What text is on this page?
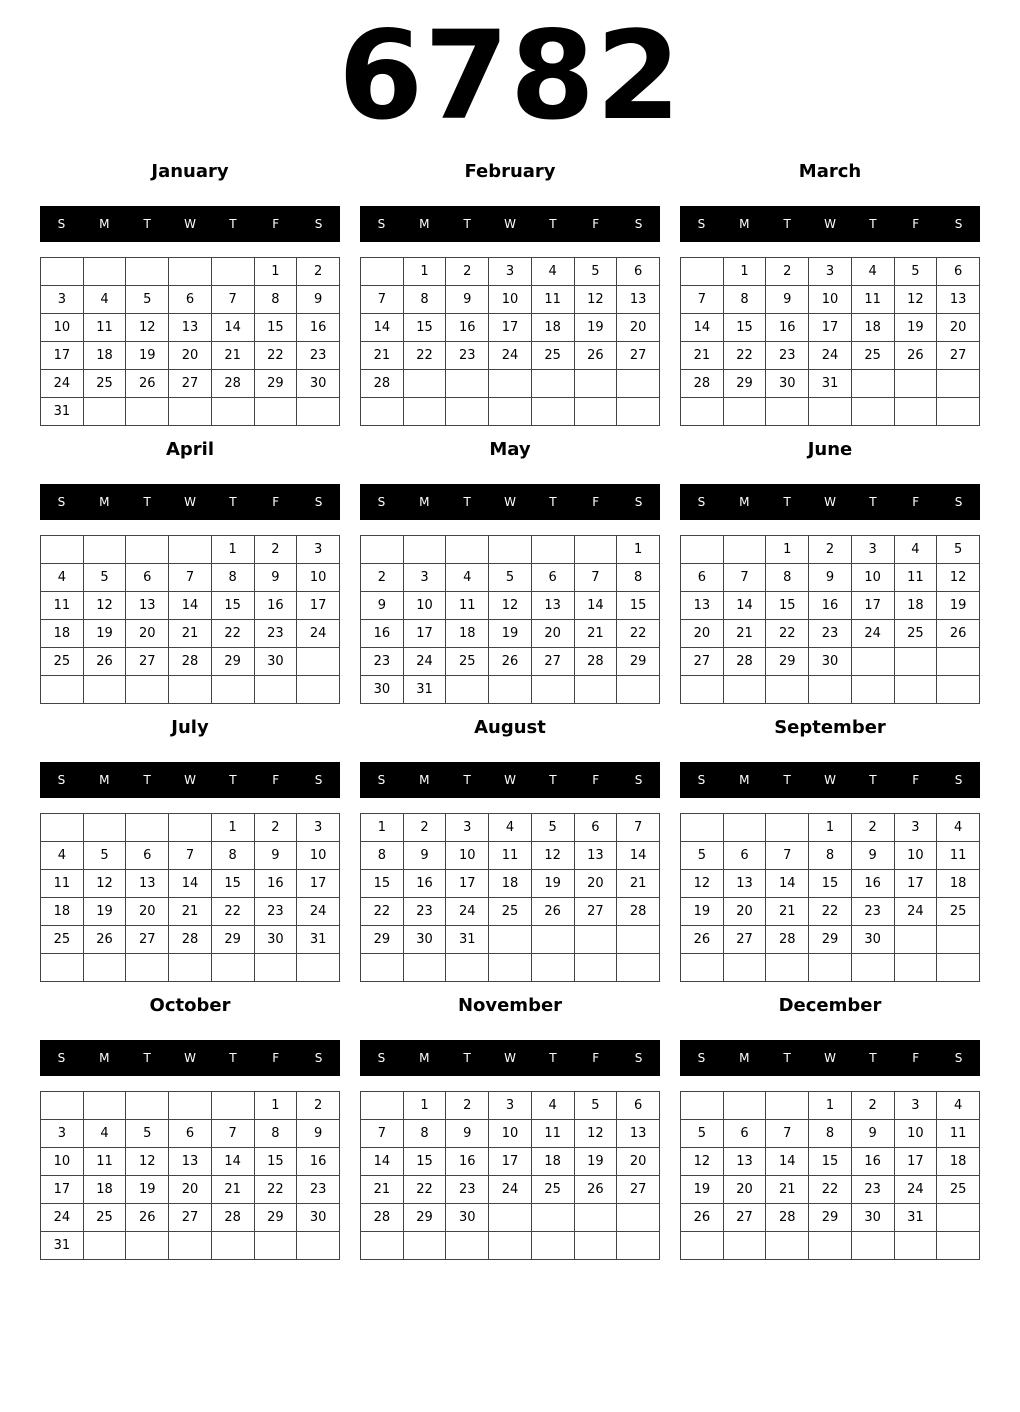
6782
January
S	M	T	W	T	F	S
					1	2
3	4	5	6	7	8	9
10	11	12	13	14	15	16
17	18	19	20	21	22	23
24	25	26	27	28	29	30
31						
February
S	M	T	W	T	F	S
	1	2	3	4	5	6
7	8	9	10	11	12	13
14	15	16	17	18	19	20
21	22	23	24	25	26	27
28						

March
S	M	T	W	T	F	S
	1	2	3	4	5	6
7	8	9	10	11	12	13
14	15	16	17	18	19	20
21	22	23	24	25	26	27
28	29	30	31			

April
S	M	T	W	T	F	S
				1	2	3
4	5	6	7	8	9	10
11	12	13	14	15	16	17
18	19	20	21	22	23	24
25	26	27	28	29	30	

May
S	M	T	W	T	F	S
						1
2	3	4	5	6	7	8
9	10	11	12	13	14	15
16	17	18	19	20	21	22
23	24	25	26	27	28	29
30	31					
June
S	M	T	W	T	F	S
		1	2	3	4	5
6	7	8	9	10	11	12
13	14	15	16	17	18	19
20	21	22	23	24	25	26
27	28	29	30			

July
S	M	T	W	T	F	S
				1	2	3
4	5	6	7	8	9	10
11	12	13	14	15	16	17
18	19	20	21	22	23	24
25	26	27	28	29	30	31

August
S	M	T	W	T	F	S
1	2	3	4	5	6	7
8	9	10	11	12	13	14
15	16	17	18	19	20	21
22	23	24	25	26	27	28
29	30	31				

September
S	M	T	W	T	F	S
			1	2	3	4
5	6	7	8	9	10	11
12	13	14	15	16	17	18
19	20	21	22	23	24	25
26	27	28	29	30		

October
S	M	T	W	T	F	S
					1	2
3	4	5	6	7	8	9
10	11	12	13	14	15	16
17	18	19	20	21	22	23
24	25	26	27	28	29	30
31						
November
S	M	T	W	T	F	S
	1	2	3	4	5	6
7	8	9	10	11	12	13
14	15	16	17	18	19	20
21	22	23	24	25	26	27
28	29	30				

December
S	M	T	W	T	F	S
			1	2	3	4
5	6	7	8	9	10	11
12	13	14	15	16	17	18
19	20	21	22	23	24	25
26	27	28	29	30	31	
